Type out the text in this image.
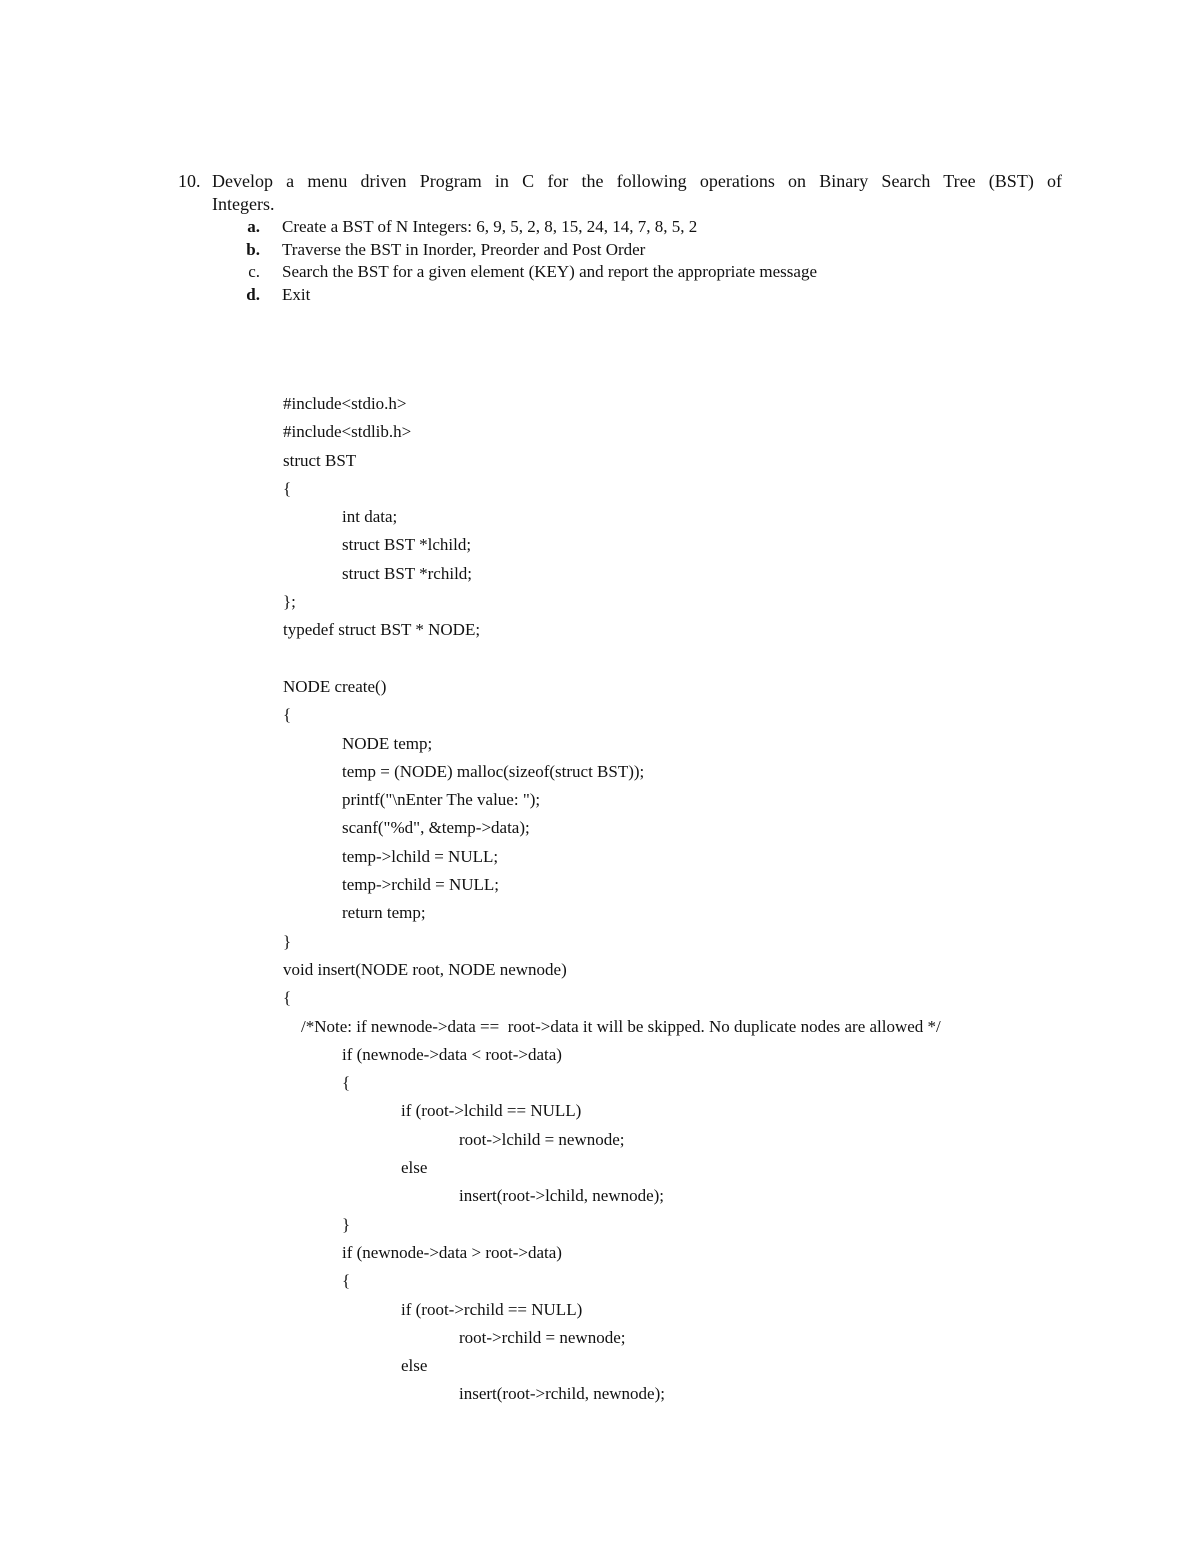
10. Develop a menu driven Program in C for the following operations on Binary Search Tree (BST) of
Integers.
a.	Create a BST of N Integers: 6, 9, 5, 2, 8, 15, 24, 14, 7, 8, 5, 2
b.	Traverse the BST in Inorder, Preorder and Post Order
c.	Search the BST for a given element (KEY) and report the appropriate message
d.	Exit
#include<stdio.h>
#include<stdlib.h>
struct BST
{
int data;
struct BST *lchild;
struct BST *rchild;
};
typedef struct BST * NODE;
NODE create()
{
NODE temp;
temp = (NODE) malloc(sizeof(struct BST));
printf("\nEnter The value: ");
scanf("%d", &temp->data);
temp->lchild = NULL;
temp->rchild = NULL;
return temp;
}
void insert(NODE root, NODE newnode)
{
/*Note: if newnode->data ==  root->data it will be skipped. No duplicate nodes are allowed */
if (newnode->data < root->data)
{
if (root->lchild == NULL)
root->lchild = newnode;
else
insert(root->lchild, newnode);
}
if (newnode->data > root->data)
{
if (root->rchild == NULL)
root->rchild = newnode;
else
insert(root->rchild, newnode);
